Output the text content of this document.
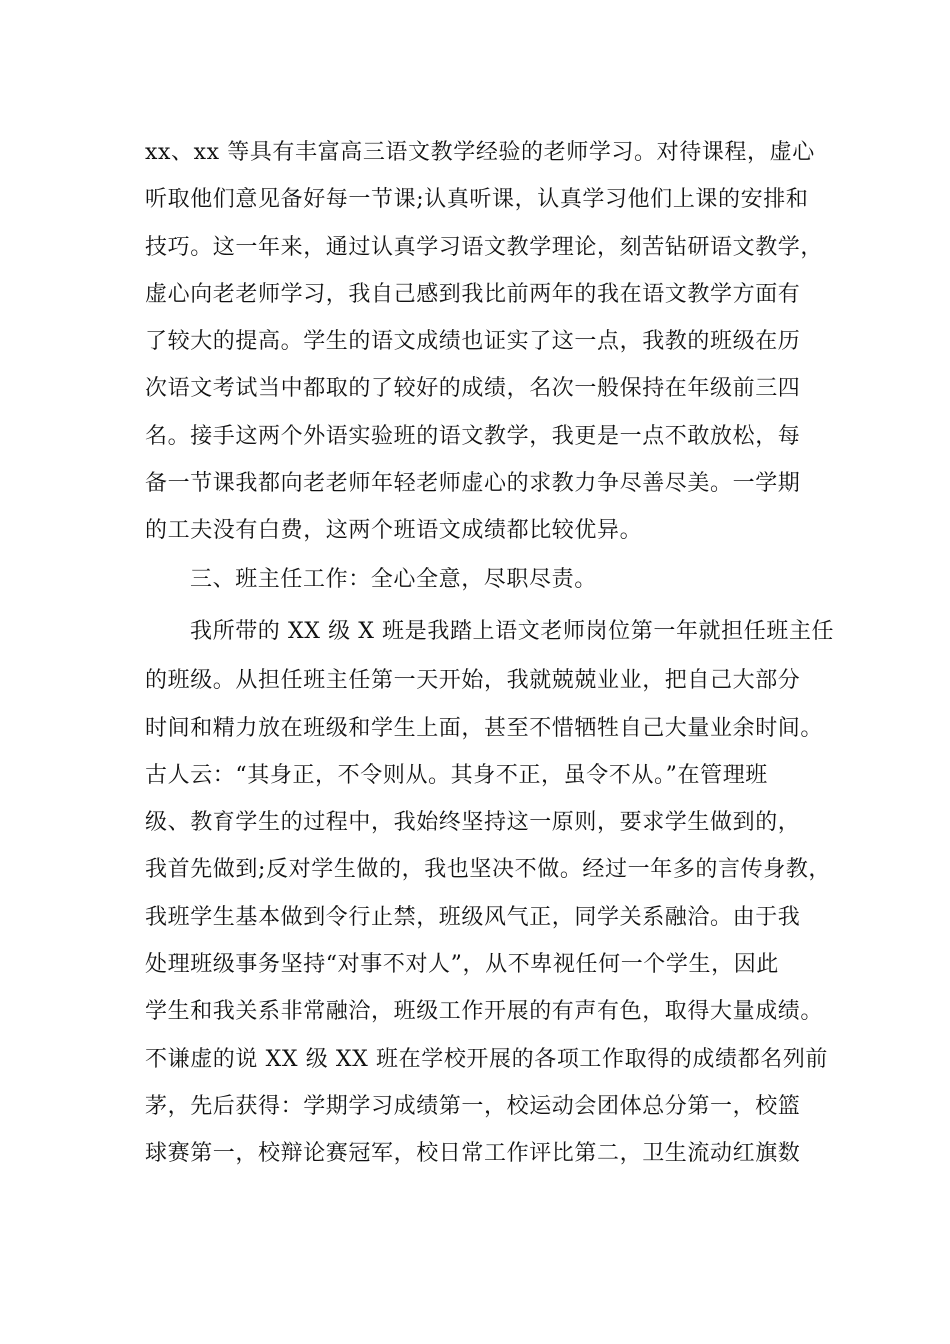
xx、xx 等具有丰富高三语文教学经验的老师学习。对待课程，虚心
听取他们意见备好每一节课;认真听课，认真学习他们上课的安排和
技巧。这一年来，通过认真学习语文教学理论，刻苦钻研语文教学，
虚心向老老师学习，我自己感到我比前两年的我在语文教学方面有
了较大的提高。学生的语文成绩也证实了这一点，我教的班级在历
次语文考试当中都取的了较好的成绩，名次一般保持在年级前三四
名。接手这两个外语实验班的语文教学，我更是一点不敢放松，每
备一节课我都向老老师年轻老师虚心的求教力争尽善尽美。一学期
的工夫没有白费，这两个班语文成绩都比较优异。
三、班主任工作：全心全意，尽职尽责。
我所带的 XX 级 X 班是我踏上语文老师岗位第一年就担任班主任
的班级。从担任班主任第一天开始，我就兢兢业业，把自己大部分
时间和精力放在班级和学生上面，甚至不惜牺牲自己大量业余时间。
古人云：“其身正，不令则从。其身不正，虽令不从。”在管理班
级、教育学生的过程中，我始终坚持这一原则，要求学生做到的，
我首先做到;反对学生做的，我也坚决不做。经过一年多的言传身教，
我班学生基本做到令行止禁，班级风气正，同学关系融洽。由于我
处理班级事务坚持“对事不对人”，从不卑视任何一个学生，因此
学生和我关系非常融洽，班级工作开展的有声有色，取得大量成绩。
不谦虚的说 XX 级 XX 班在学校开展的各项工作取得的成绩都名列前
茅，先后获得：学期学习成绩第一，校运动会团体总分第一，校篮
球赛第一，校辩论赛冠军，校日常工作评比第二，卫生流动红旗数
